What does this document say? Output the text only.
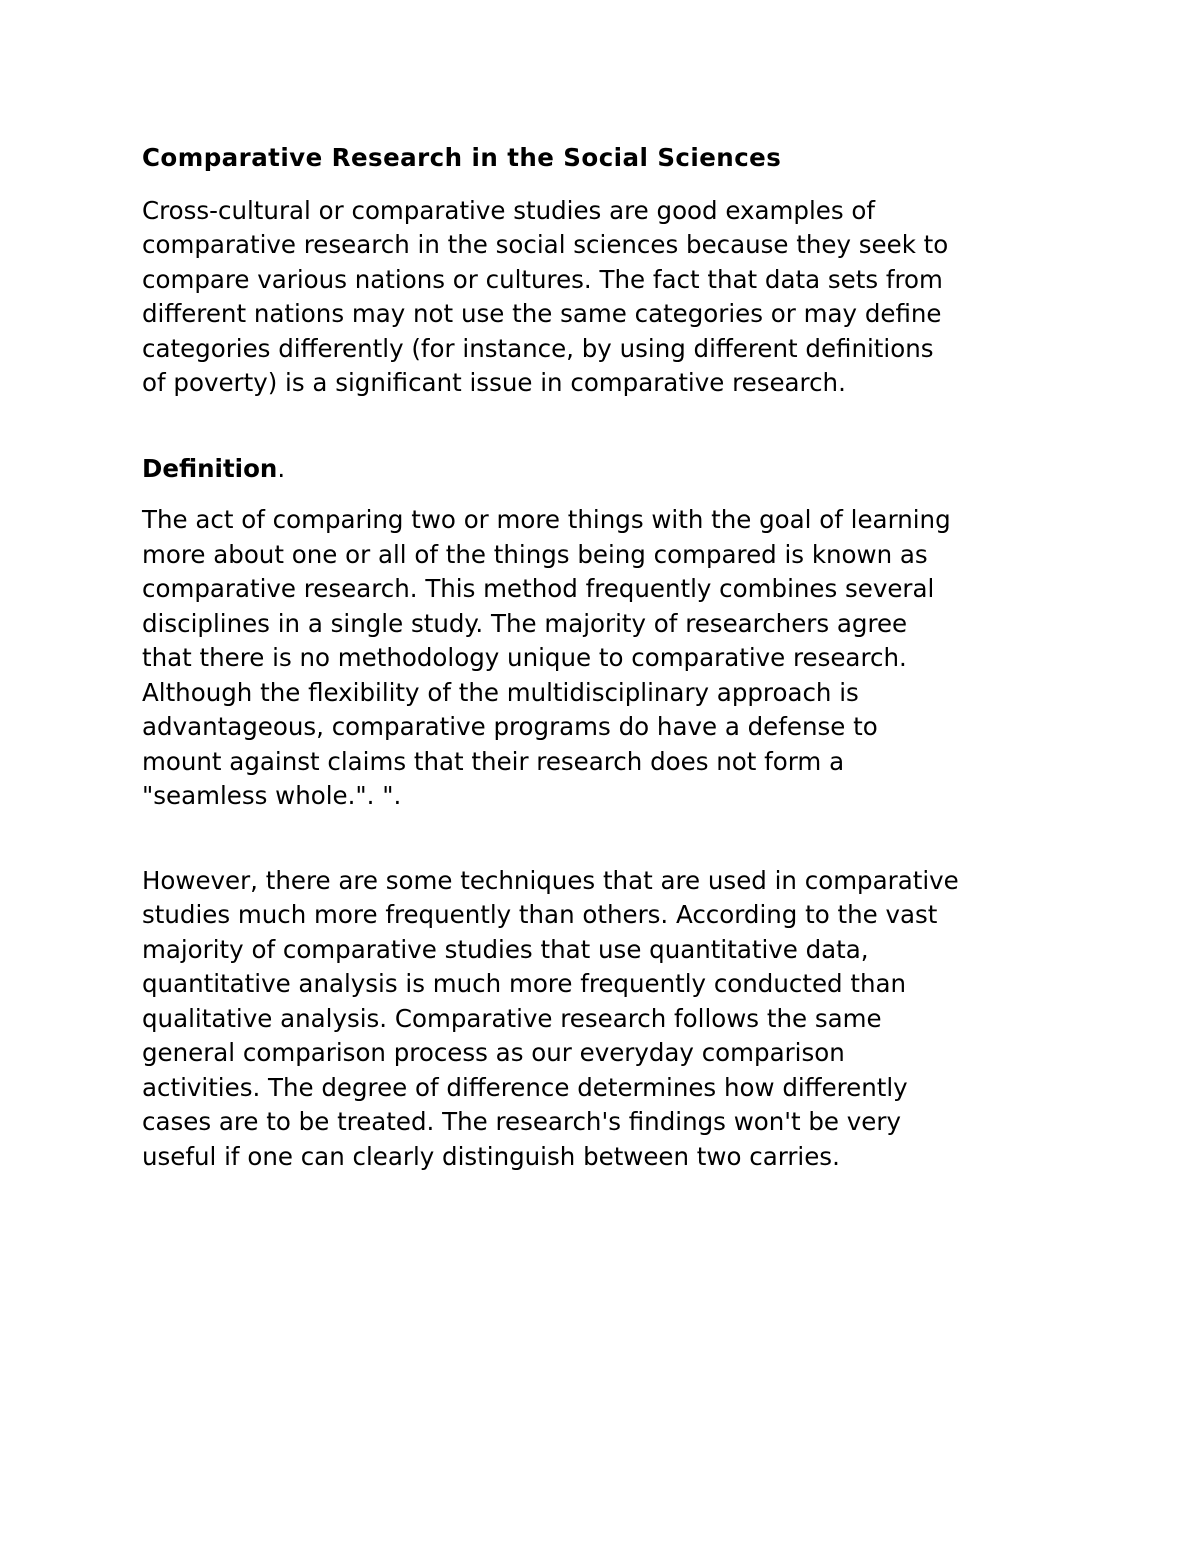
Comparative Research in the Social Sciences
Cross-cultural or comparative studies are good examples of
comparative research in the social sciences because they seek to
compare various nations or cultures. The fact that data sets from
different nations may not use the same categories or may define
categories differently (for instance, by using different definitions
of poverty) is a significant issue in comparative research.
Definition.
The act of comparing two or more things with the goal of learning
more about one or all of the things being compared is known as
comparative research. This method frequently combines several
disciplines in a single study. The majority of researchers agree
that there is no methodology unique to comparative research.
Although the flexibility of the multidisciplinary approach is
advantageous, comparative programs do have a defense to
mount against claims that their research does not form a
"seamless whole.". ".
However, there are some techniques that are used in comparative
studies much more frequently than others. According to the vast
majority of comparative studies that use quantitative data,
quantitative analysis is much more frequently conducted than
qualitative analysis. Comparative research follows the same
general comparison process as our everyday comparison
activities. The degree of difference determines how differently
cases are to be treated. The research's findings won't be very
useful if one can clearly distinguish between two carries.
